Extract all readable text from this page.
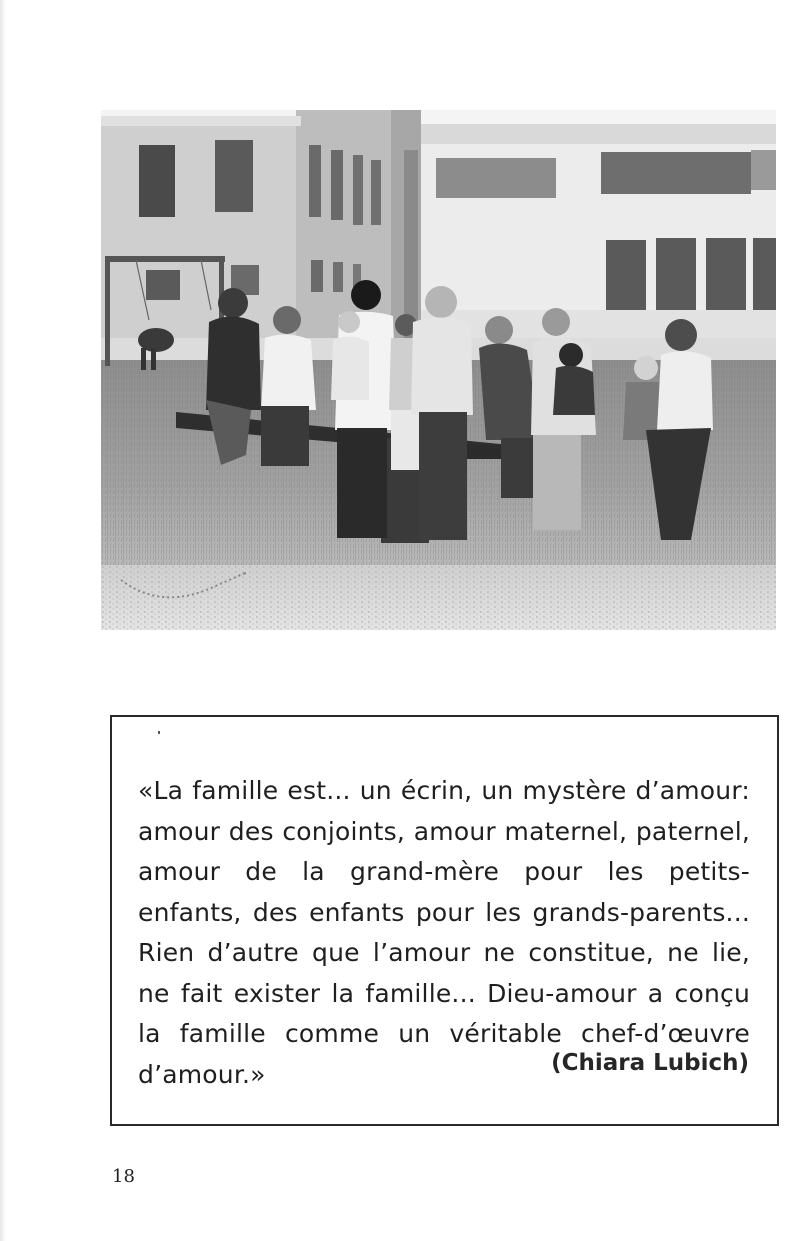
«La famille est... un écrin, un mystère d’amour: amour des conjoints, amour maternel, paternel, amour de la grand-mère pour les petits-enfants, des enfants pour les grands-parents... Rien d’autre que l’amour ne constitue, ne lie, ne fait exister la famille... Dieu-amour a conçu la famille comme un véritable chef-d’œuvre d’amour.»	(Chiara Lubich)

18
